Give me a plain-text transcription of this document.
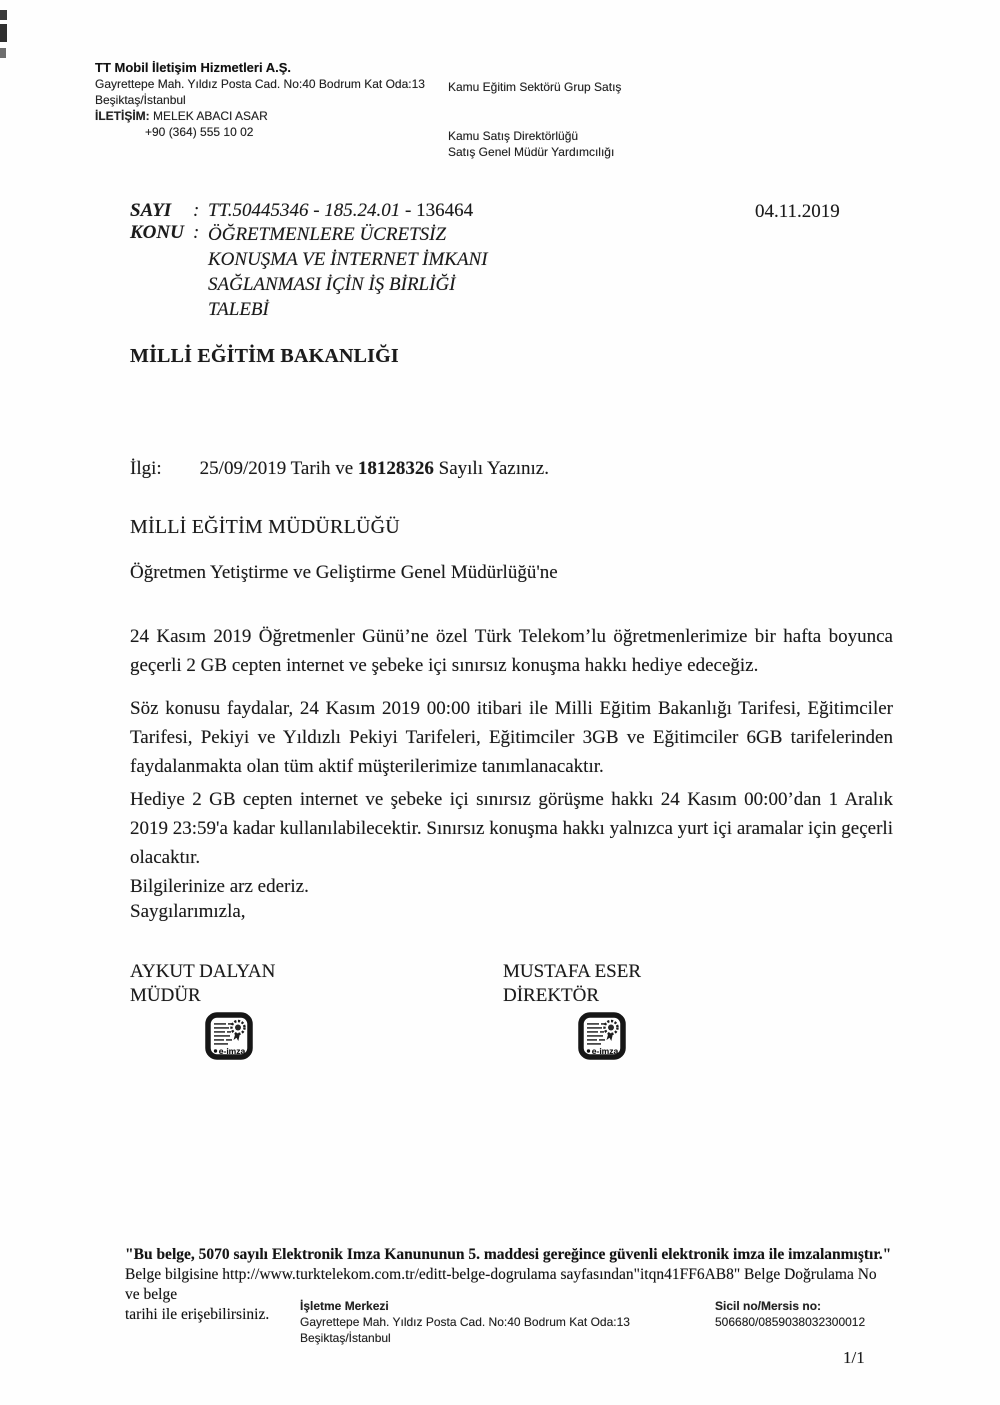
TT Mobil İletişim Hizmetleri A.Ş.
Gayrettepe Mah. Yıldız Posta Cad. No:40 Bodrum Kat Oda:13
Beşiktaş/İstanbul
İLETİŞİM: MELEK ABACI ASAR
+90 (364) 555 10 02
Kamu Eğitim Sektörü Grup Satış
Kamu Satış Direktörlüğü
Satış Genel Müdür Yardımcılığı
04.11.2019
SAYI	: TT.50445346 - 185.24.01 - 136464
KONU : ÖĞRETMENLERE ÜCRETSİZ
KONUŞMA VE İNTERNET İMKANI
SAĞLANMASI İÇİN İŞ BİRLİĞİ
TALEBİ
MİLLİ EĞİTİM BAKANLIĞI
İlgi: 25/09/2019 Tarih ve 18128326 Sayılı Yazınız.
MİLLİ EĞİTİM MÜDÜRLÜĞÜ
Öğretmen Yetiştirme ve Geliştirme Genel Müdürlüğü'ne
24 Kasım 2019 Öğretmenler Günü’ne özel Türk Telekom’lu öğretmenlerimize bir hafta boyunca geçerli 2 GB cepten internet ve şebeke içi sınırsız konuşma hakkı hediye edeceğiz.
Söz konusu faydalar, 24 Kasım 2019 00:00 itibari ile Milli Eğitim Bakanlığı Tarifesi, Eğitimciler Tarifesi, Pekiyi ve Yıldızlı Pekiyi Tarifeleri, Eğitimciler 3GB ve Eğitimciler 6GB tarifelerinden faydalanmakta olan tüm aktif müşterilerimize tanımlanacaktır.
Hediye 2 GB cepten internet ve şebeke içi sınırsız görüşme hakkı 24 Kasım 00:00’dan 1 Aralık 2019 23:59'a kadar kullanılabilecektir. Sınırsız konuşma hakkı yalnızca yurt içi aramalar için geçerli olacaktır.
Bilgilerinize arz ederiz.
Saygılarımızla,
AYKUT DALYAN
MÜDÜR
e-imza
MUSTAFA ESER
DİREKTÖR
e-imza
"Bu belge, 5070 sayılı Elektronik Imza Kanununun 5. maddesi gereğince güvenli elektronik imza ile imzalanmıştır."
Belge bilgisine http://www.turktelekom.com.tr/editt-belge-dogrulama sayfasından"itqn41FF6AB8" Belge Doğrulama No ve belge
tarihi ile erişebilirsiniz.	İşletme Merkezi
Gayrettepe Mah. Yıldız Posta Cad. No:40 Bodrum Kat Oda:13
Beşiktaş/İstanbul
Sicil no/Mersis no:
506680/0859038032300012
1/1
